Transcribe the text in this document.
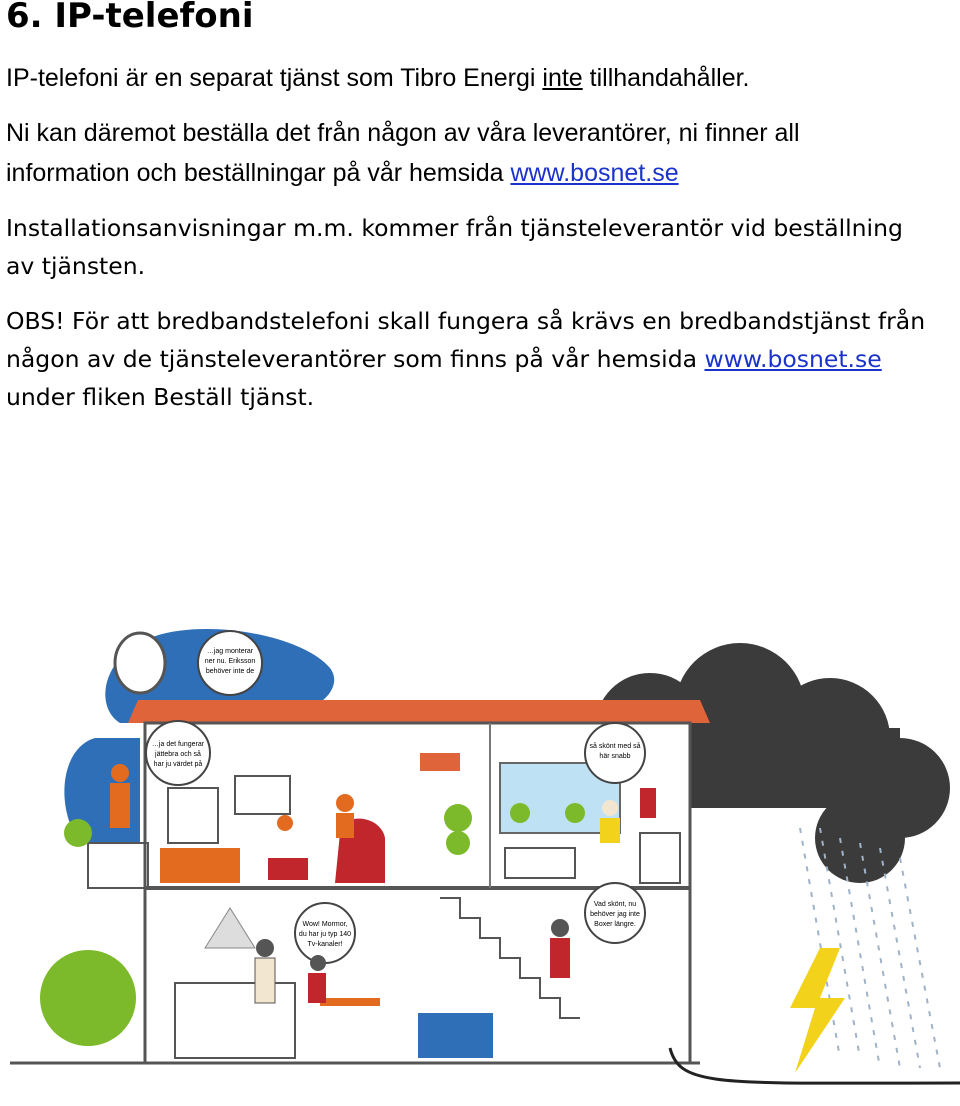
6. IP-telefoni

IP-telefoni är en separat tjänst som Tibro Energi inte tillhandahåller.

Ni kan däremot beställa det från någon av våra leverantörer, ni finner all information och beställningar på vår hemsida www.bosnet.se

Installationsanvisningar m.m. kommer från tjänsteleverantör vid beställning av tjänsten.

OBS! För att bredbandstelefoni skall fungera så krävs en bredbandstjänst från någon av de tjänsteleverantörer som finns på vår hemsida www.bosnet.se under fliken Beställ tjänst.

…jag monterar
ner nu. Eriksson
behöver inte de
…ja det fungerar
jättebra och så
har ju värdet på
så skönt med så
här snabb
Wow! Mormor,
du har ju typ 140
Tv-kanaler!
Vad skönt, nu
behöver jag inte
Boxer längre.
